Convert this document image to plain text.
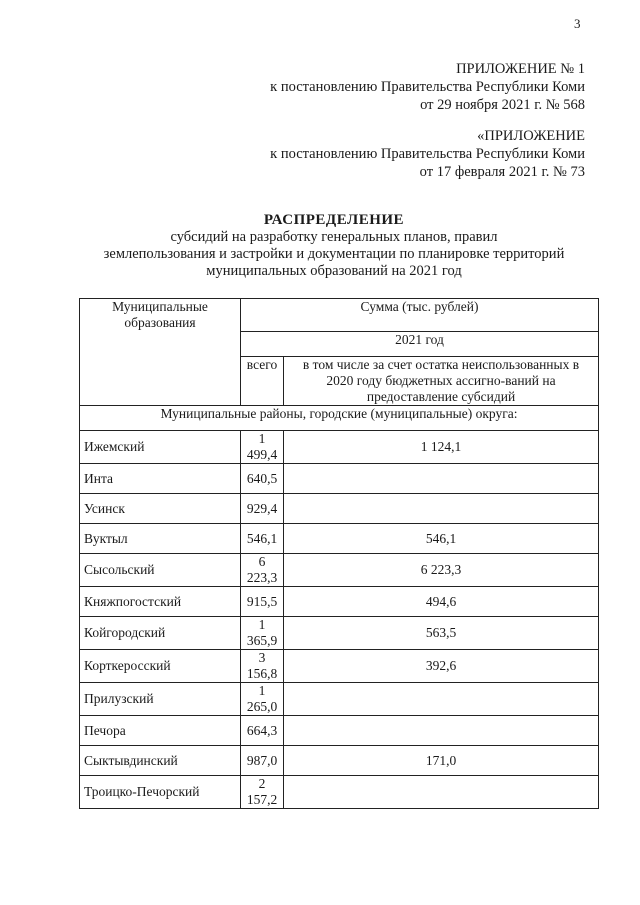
3
ПРИЛОЖЕНИЕ № 1
к постановлению Правительства Республики Коми
от 29 ноября 2021 г. № 568
«ПРИЛОЖЕНИЕ
к постановлению Правительства Республики Коми
от 17 февраля 2021 г. № 73
РАСПРЕДЕЛЕНИЕ
субсидий на разработку генеральных планов, правил
землепользования и застройки и документации по планировке территорий
муниципальных образований на 2021 год
Муниципальные образования	Сумма (тыс. рублей)	
	2021 год	
	всего	в том числе за счет остатка неиспользованных в 2020 году бюджетных ассигно-ваний на предоставление субсидий
Муниципальные районы, городские (муниципальные) округа:		
Ижемский	1 499,4	1 124,1
Инта	640,5	
Усинск	929,4	
Вуктыл	546,1	546,1
Сысольский	6 223,3	6 223,3
Княжпогостский	915,5	494,6
Койгородский	1 365,9	563,5
Корткеросский	3 156,8	392,6
Прилузский	1 265,0	
Печора	664,3	
Сыктывдинский	987,0	171,0
Троицко-Печорский	2 157,2	
